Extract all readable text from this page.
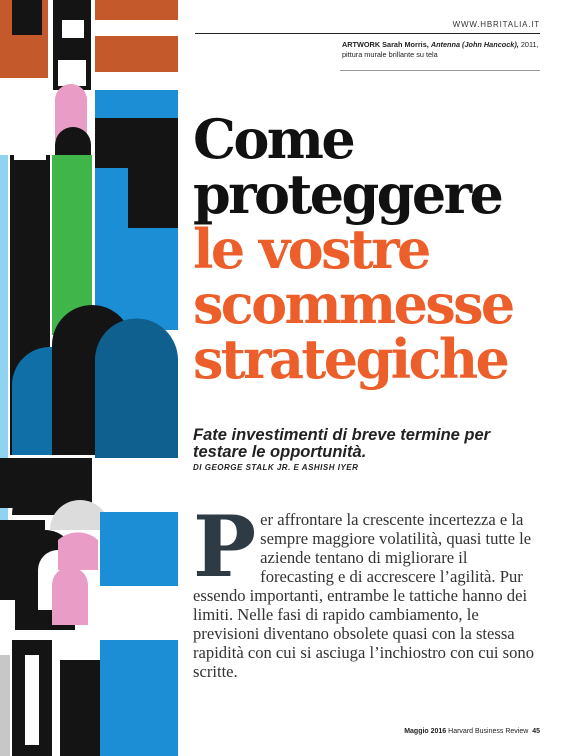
WWW.HBRITALIA.IT
ARTWORK Sarah Morris, Antenna (John Hancock), 2011,
pittura murale brillante su tela
Come
proteggere
le vostre
scommesse
strategiche
Fate investimenti di breve termine per testare le opportunità.
DI GEORGE STALK JR. E ASHISH IYER
P er affrontare la crescente incertezza e la sempre maggiore volatilità, quasi tutte le aziende tentano di migliorare il forecasting e di accrescere l’agilità. Pur essendo importanti, entrambe le tattiche hanno dei limiti. Nelle fasi di rapido cambiamento, le previsioni diventano obsolete quasi con la stessa rapidità con cui si asciuga l’inchiostro con cui sono scritte.
Maggio 2016 Harvard Business Review 45
